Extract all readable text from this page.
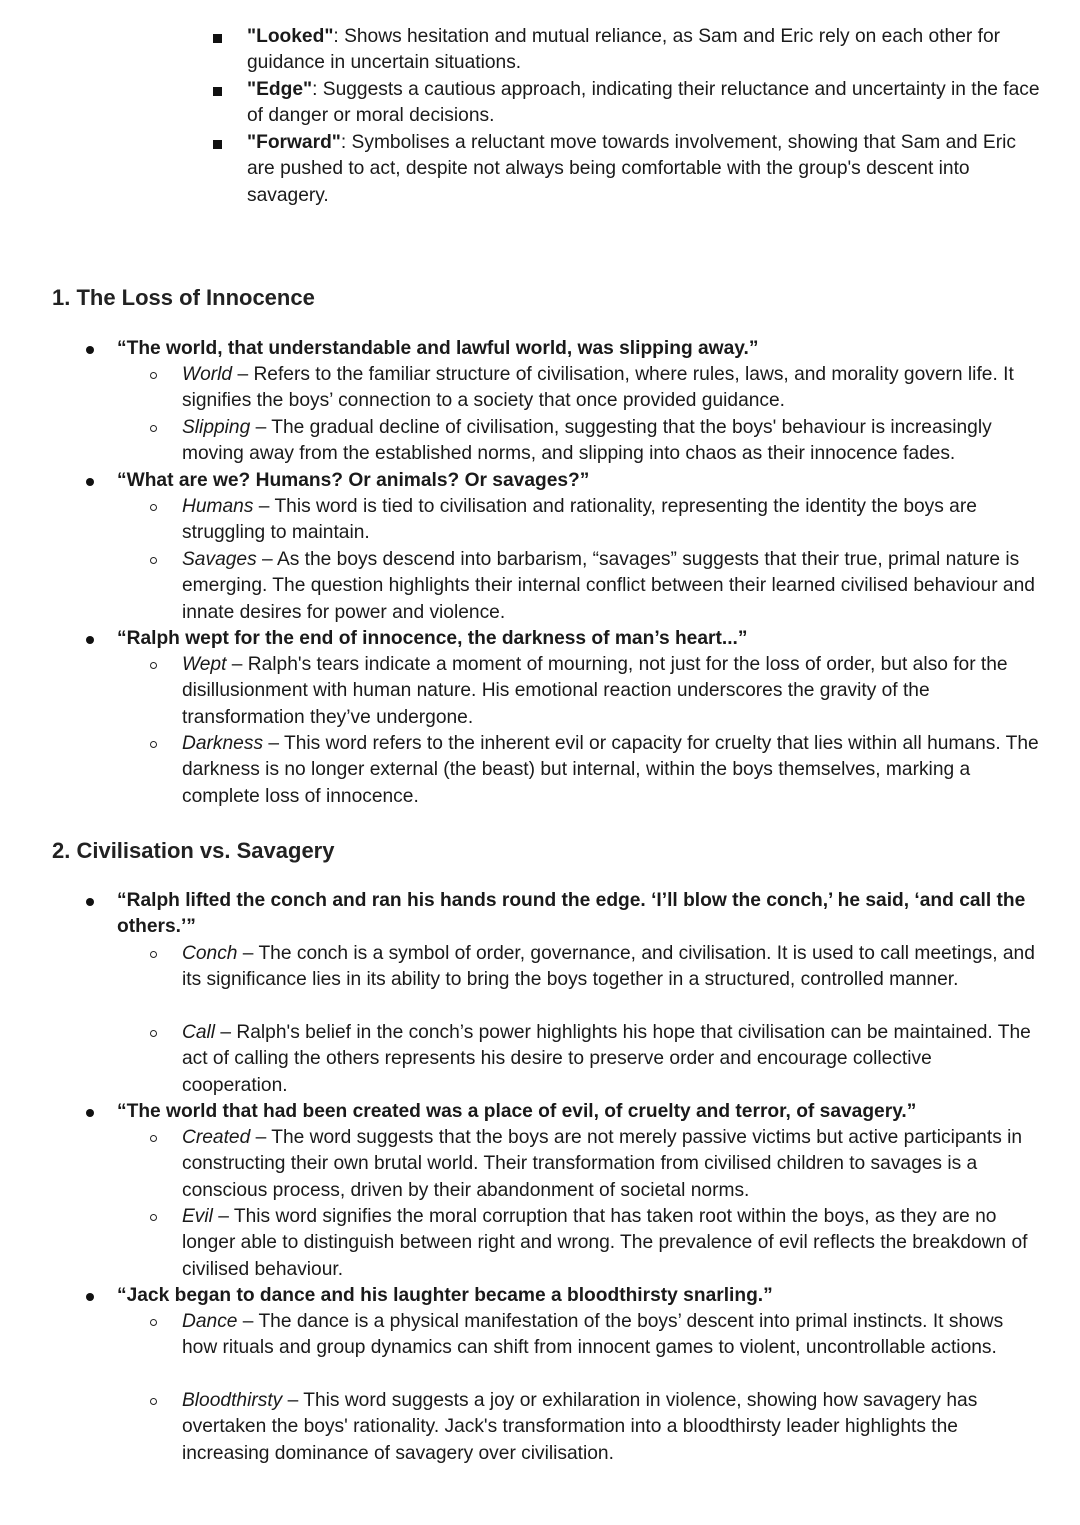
"Looked": Shows hesitation and mutual reliance, as Sam and Eric rely on each other for guidance in uncertain situations.
"Edge": Suggests a cautious approach, indicating their reluctance and uncertainty in the face of danger or moral decisions.
"Forward": Symbolises a reluctant move towards involvement, showing that Sam and Eric are pushed to act, despite not always being comfortable with the group's descent into savagery.
1. The Loss of Innocence
“The world, that understandable and lawful world, was slipping away.”
World – Refers to the familiar structure of civilisation, where rules, laws, and morality govern life. It signifies the boys’ connection to a society that once provided guidance.
Slipping – The gradual decline of civilisation, suggesting that the boys' behaviour is increasingly moving away from the established norms, and slipping into chaos as their innocence fades.
“What are we? Humans? Or animals? Or savages?”
Humans – This word is tied to civilisation and rationality, representing the identity the boys are struggling to maintain.
Savages – As the boys descend into barbarism, “savages” suggests that their true, primal nature is emerging. The question highlights their internal conflict between their learned civilised behaviour and innate desires for power and violence.
“Ralph wept for the end of innocence, the darkness of man’s heart...”
Wept – Ralph's tears indicate a moment of mourning, not just for the loss of order, but also for the disillusionment with human nature. His emotional reaction underscores the gravity of the transformation they’ve undergone.
Darkness – This word refers to the inherent evil or capacity for cruelty that lies within all humans. The darkness is no longer external (the beast) but internal, within the boys themselves, marking a complete loss of innocence.
2. Civilisation vs. Savagery
“Ralph lifted the conch and ran his hands round the edge. ‘I’ll blow the conch,’ he said, ‘and call the others.’”
Conch – The conch is a symbol of order, governance, and civilisation. It is used to call meetings, and its significance lies in its ability to bring the boys together in a structured, controlled manner.
Call – Ralph's belief in the conch’s power highlights his hope that civilisation can be maintained. The act of calling the others represents his desire to preserve order and encourage collective cooperation.
“The world that had been created was a place of evil, of cruelty and terror, of savagery.”
Created – The word suggests that the boys are not merely passive victims but active participants in constructing their own brutal world. Their transformation from civilised children to savages is a conscious process, driven by their abandonment of societal norms.
Evil – This word signifies the moral corruption that has taken root within the boys, as they are no longer able to distinguish between right and wrong. The prevalence of evil reflects the breakdown of civilised behaviour.
“Jack began to dance and his laughter became a bloodthirsty snarling.”
Dance – The dance is a physical manifestation of the boys’ descent into primal instincts. It shows how rituals and group dynamics can shift from innocent games to violent, uncontrollable actions.
Bloodthirsty – This word suggests a joy or exhilaration in violence, showing how savagery has overtaken the boys' rationality. Jack's transformation into a bloodthirsty leader highlights the increasing dominance of savagery over civilisation.
